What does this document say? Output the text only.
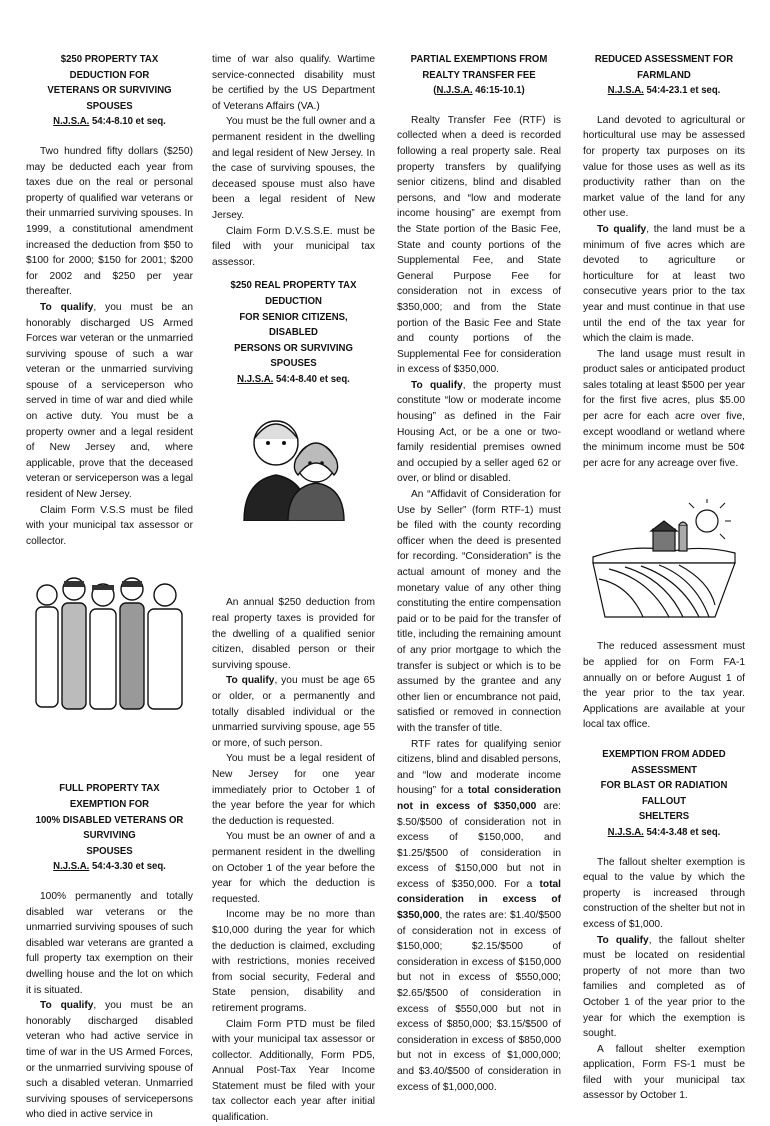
$250 PROPERTY TAX DEDUCTION FOR
VETERANS OR SURVIVING SPOUSES
N.J.S.A. 54:4-8.10 et seq.

Two hundred fifty dollars ($250) may be deducted each year from taxes due on the real or personal property of qualified war veterans or their unmarried surviving spouses. In 1999, a constitutional amendment increased the deduction from $50 to $100 for 2000; $150 for 2001; $200 for 2002 and $250 per year thereafter.

To qualify, you must be an honorably discharged US Armed Forces war veteran or the unmarried surviving spouse of such a war veteran or the unmarried surviving spouse of a serviceperson who served in time of war and died while on active duty. You must be a property owner and a legal resident of New Jersey and, where applicable, prove that the deceased veteran or serviceperson was a legal resident of New Jersey.

Claim Form V.S.S must be filed with your municipal tax assessor or collector.

FULL PROPERTY TAX EXEMPTION FOR
100% DISABLED VETERANS OR SURVIVING
SPOUSES
N.J.S.A. 54:4-3.30 et seq.

100% permanently and totally disabled war veterans or the unmarried surviving spouses of such disabled war veterans are granted a full property tax exemption on their dwelling house and the lot on which it is situated.

To qualify, you must be an honorably discharged disabled veteran who had active service in time of war in the US Armed Forces, or the unmarried surviving spouse of such a disabled veteran. Unmarried surviving spouses of servicepersons who died in active service in

time of war also qualify. Wartime service-connected disability must be certified by the US Department of Veterans Affairs (VA.)

You must be the full owner and a permanent resident in the dwelling and legal resident of New Jersey. In the case of surviving spouses, the deceased spouse must also have been a legal resident of New Jersey.

Claim Form D.V.S.S.E. must be filed with your municipal tax assessor.

$250 REAL PROPERTY TAX DEDUCTION
FOR SENIOR CITIZENS, DISABLED
PERSONS OR SURVIVING SPOUSES
N.J.S.A. 54:4-8.40 et seq.

An annual $250 deduction from real property taxes is provided for the dwelling of a qualified senior citizen, disabled person or their surviving spouse.

To qualify, you must be age 65 or older, or a permanently and totally disabled individual or the unmarried surviving spouse, age 55 or more, of such person.

You must be a legal resident of New Jersey for one year immediately prior to October 1 of the year before the year for which the deduction is requested.

You must be an owner of and a permanent resident in the dwelling on October 1 of the year before the year for which the deduction is requested.

Income may be no more than $10,000 during the year for which the deduction is claimed, excluding with restrictions, monies received from social security, Federal and State pension, disability and retirement programs.

Claim Form PTD must be filed with your municipal tax assessor or collector. Additionally, Form PD5, Annual Post-Tax Year Income Statement must be filed with your tax collector each year after initial qualification.

PARTIAL EXEMPTIONS FROM
REALTY TRANSFER FEE (N.J.S.A. 46:15-10.1)

Realty Transfer Fee (RTF) is collected when a deed is recorded following a real property sale. Real property transfers by qualifying senior citizens, blind and disabled persons, and “low and moderate income housing” are exempt from the State portion of the Basic Fee, State and county portions of the Supplemental Fee, and State General Purpose Fee for consideration not in excess of $350,000; and from the State portion of the Basic Fee and State and county portions of the Supplemental Fee for consideration in excess of $350,000.

To qualify, the property must constitute “low or moderate income housing” as defined in the Fair Housing Act, or be a one or two-family residential premises owned and occupied by a seller aged 62 or over, or blind or disabled.

An “Affidavit of Consideration for Use by Seller” (form RTF-1) must be filed with the county recording officer when the deed is presented for recording. “Consideration” is the actual amount of money and the monetary value of any other thing constituting the entire compensation paid or to be paid for the transfer of title, including the remaining amount of any prior mortgage to which the transfer is subject or which is to be assumed by the grantee and any other lien or encumbrance not paid, satisfied or removed in connection with the transfer of title.

RTF rates for qualifying senior citizens, blind and disabled persons, and “low and moderate income housing” for a total consideration not in excess of $350,000 are: $.50/$500 of consideration not in excess of $150,000, and $1.25/$500 of consideration in excess of $150,000 but not in excess of $350,000. For a total consideration in excess of $350,000, the rates are: $1.40/$500 of consideration not in excess of $150,000; $2.15/$500 of consideration in excess of $150,000 but not in excess of $550,000; $2.65/$500 of consideration in excess of $550,000 but not in excess of $850,000; $3.15/$500 of consideration in excess of $850,000 but not in excess of $1,000,000; and $3.40/$500 of consideration in excess of $1,000,000.

REDUCED ASSESSMENT FOR FARMLAND
N.J.S.A. 54:4-23.1 et seq.

Land devoted to agricultural or horticultural use may be assessed for property tax purposes on its value for those uses as well as its productivity rather than on the market value of the land for any other use.

To qualify, the land must be a minimum of five acres which are devoted to agriculture or horticulture for at least two consecutive years prior to the tax year and must continue in that use until the end of the tax year for which the claim is made.

The land usage must result in product sales or anticipated product sales totaling at least $500 per year for the first five acres, plus $5.00 per acre for each acre over five, except woodland or wetland where the minimum income must be 50¢ per acre for any acreage over five.

The reduced assessment must be applied for on Form FA-1 annually on or before August 1 of the year prior to the tax year. Applications are available at your local tax office.

EXEMPTION FROM ADDED ASSESSMENT
FOR BLAST OR RADIATION FALLOUT
SHELTERS
N.J.S.A. 54:4-3.48 et seq.

The fallout shelter exemption is equal to the value by which the property is increased through construction of the shelter but not in excess of $1,000.

To qualify, the fallout shelter must be located on residential property of not more than two families and completed as of October 1 of the year prior to the year for which the exemption is sought.

A fallout shelter exemption application, Form FS-1 must be filed with your municipal tax assessor by October 1.
